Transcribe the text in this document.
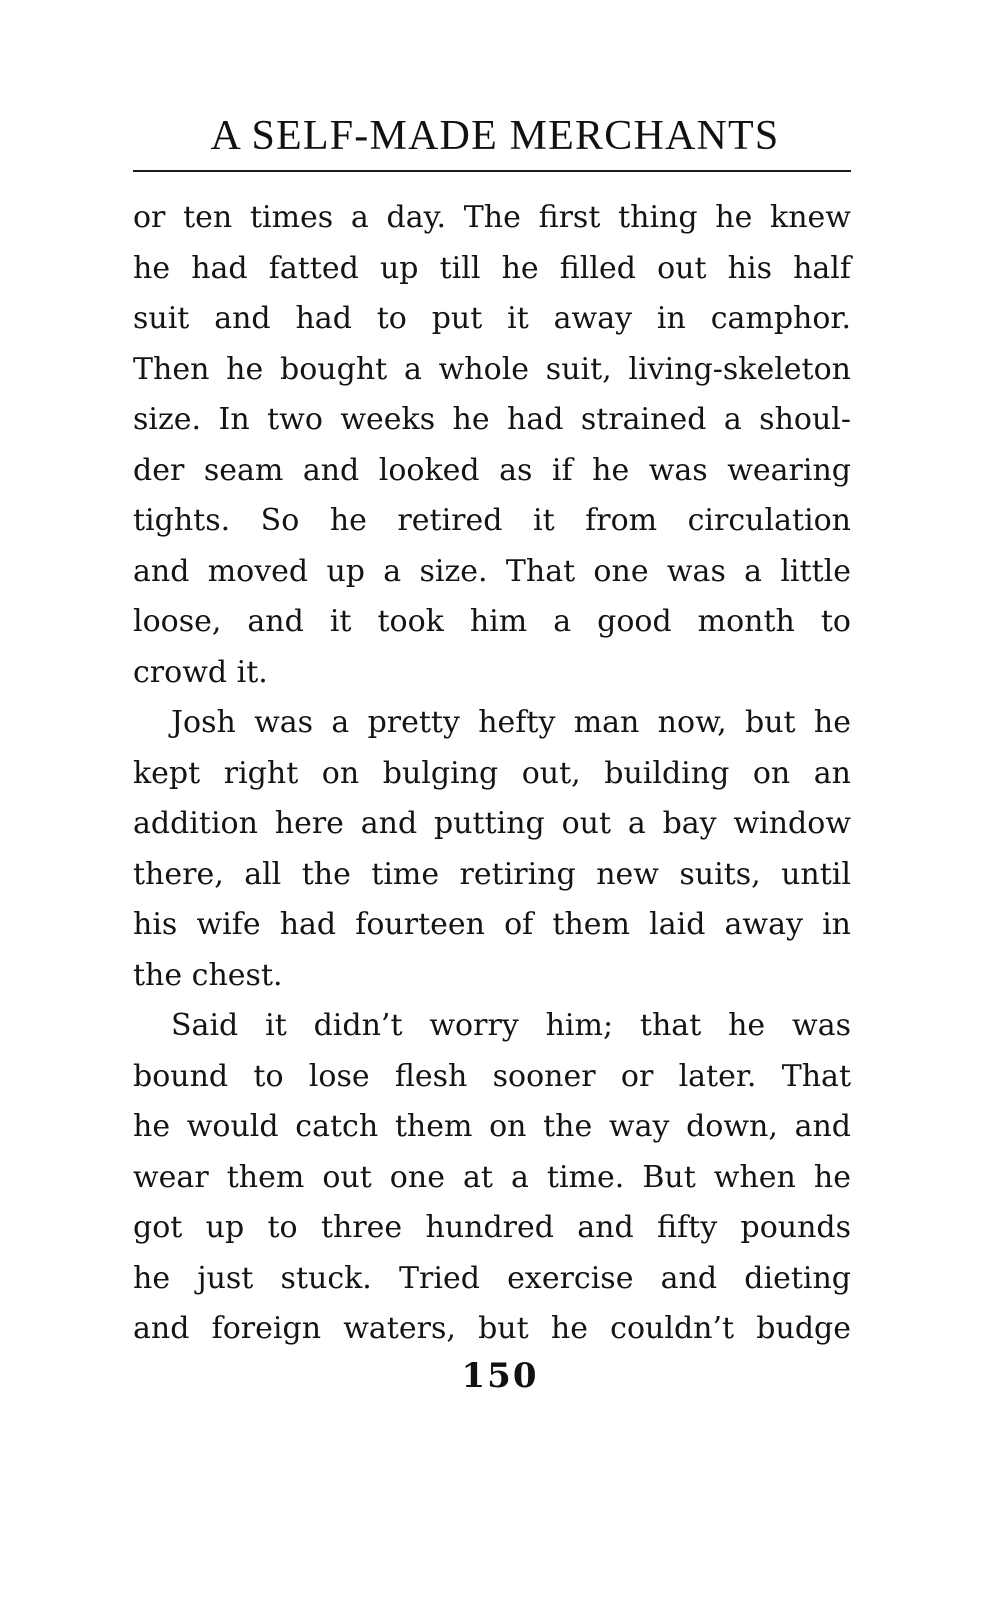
A SELF-MADE MERCHANTS

or ten times a day. The first thing he knew
he had fatted up till he filled out his half
suit and had to put it away in camphor.
Then he bought a whole suit, living-skeleton
size. In two weeks he had strained a shoul-
der seam and looked as if he was wearing
tights. So he retired it from circulation
and moved up a size. That one was a little
loose, and it took him a good month to
crowd it.

Josh was a pretty hefty man now, but he
kept right on bulging out, building on an
addition here and putting out a bay window
there, all the time retiring new suits, until
his wife had fourteen of them laid away in
the chest.

Said it didn’t worry him; that he was
bound to lose flesh sooner or later. That
he would catch them on the way down, and
wear them out one at a time. But when he
got up to three hundred and fifty pounds
he just stuck. Tried exercise and dieting
and foreign waters, but he couldn’t budge

150
